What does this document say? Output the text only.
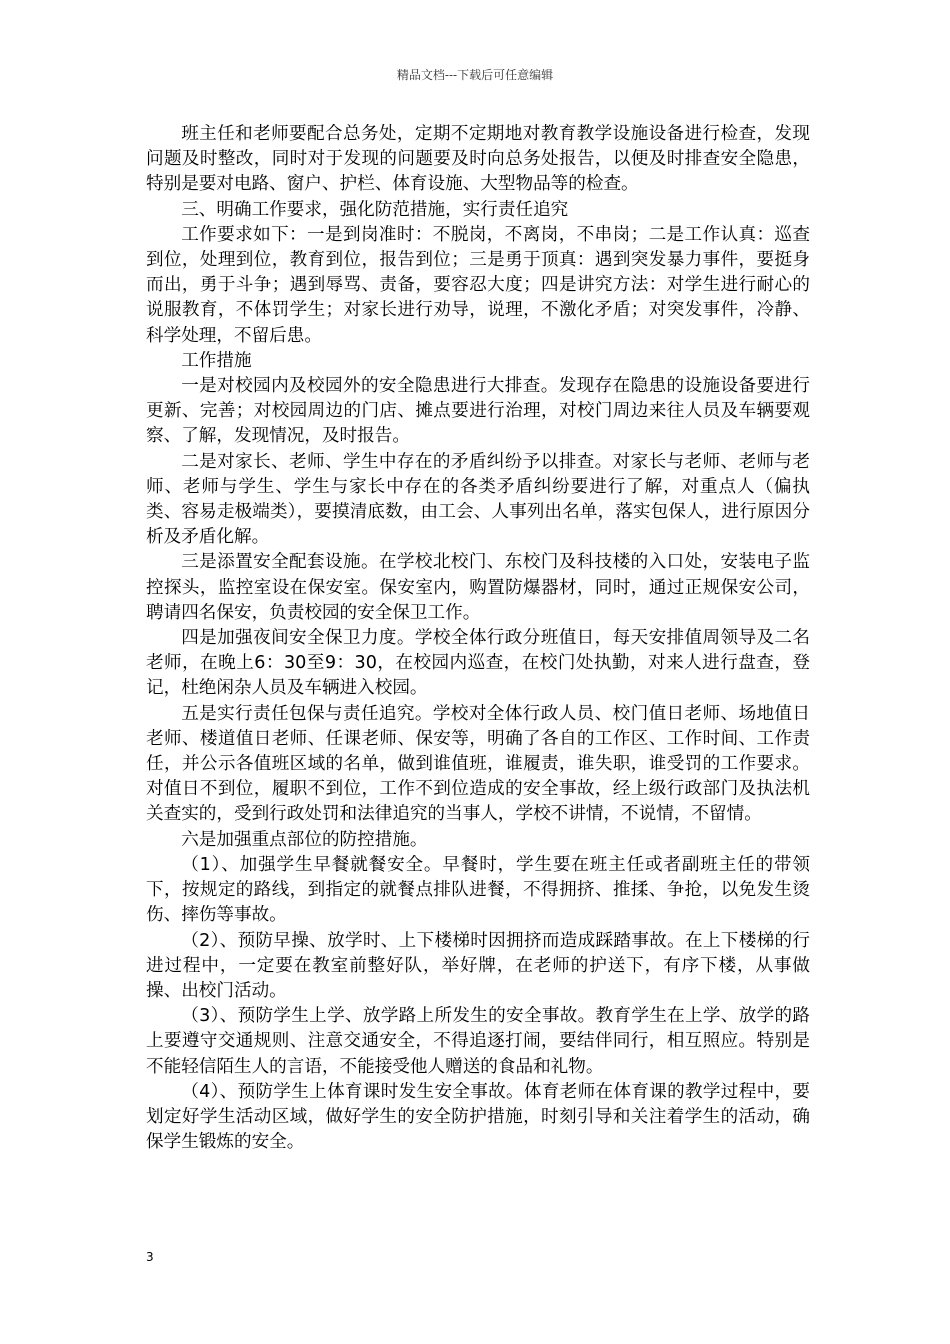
精品文档---下载后可任意编辑

班主任和老师要配合总务处，定期不定期地对教育教学设施设备进行检查，发现问题及时整改，同时对于发现的问题要及时向总务处报告，以便及时排查安全隐患，特别是要对电路、窗户、护栏、体育设施、大型物品等的检查。

三、明确工作要求，强化防范措施，实行责任追究

工作要求如下：一是到岗准时：不脱岗，不离岗，不串岗；二是工作认真：巡查到位，处理到位，教育到位，报告到位；三是勇于顶真：遇到突发暴力事件，要挺身而出，勇于斗争；遇到辱骂、责备，要容忍大度；四是讲究方法：对学生进行耐心的说服教育，不体罚学生；对家长进行劝导，说理，不激化矛盾；对突发事件，冷静、科学处理，不留后患。

工作措施

一是对校园内及校园外的安全隐患进行大排查。发现存在隐患的设施设备要进行更新、完善；对校园周边的门店、摊点要进行治理，对校门周边来往人员及车辆要观察、了解，发现情况，及时报告。

二是对家长、老师、学生中存在的矛盾纠纷予以排查。对家长与老师、老师与老师、老师与学生、学生与家长中存在的各类矛盾纠纷要进行了解，对重点人（偏执类、容易走极端类），要摸清底数，由工会、人事列出名单，落实包保人，进行原因分析及矛盾化解。

三是添置安全配套设施。在学校北校门、东校门及科技楼的入口处，安装电子监控探头，监控室设在保安室。保安室内，购置防爆器材，同时，通过正规保安公司，聘请四名保安，负责校园的安全保卫工作。

四是加强夜间安全保卫力度。学校全体行政分班值日，每天安排值周领导及二名老师，在晚上6：30至9：30，在校园内巡查，在校门处执勤，对来人进行盘查，登记，杜绝闲杂人员及车辆进入校园。

五是实行责任包保与责任追究。学校对全体行政人员、校门值日老师、场地值日老师、楼道值日老师、任课老师、保安等，明确了各自的工作区、工作时间、工作责任，并公示各值班区域的名单，做到谁值班，谁履责，谁失职，谁受罚的工作要求。对值日不到位，履职不到位，工作不到位造成的安全事故，经上级行政部门及执法机关查实的，受到行政处罚和法律追究的当事人，学校不讲情，不说情，不留情。

六是加强重点部位的防控措施。

（1）、加强学生早餐就餐安全。早餐时，学生要在班主任或者副班主任的带领下，按规定的路线，到指定的就餐点排队进餐，不得拥挤、推揉、争抢，以免发生烫伤、摔伤等事故。

（2）、预防早操、放学时、上下楼梯时因拥挤而造成踩踏事故。在上下楼梯的行进过程中，一定要在教室前整好队，举好牌，在老师的护送下，有序下楼，从事做操、出校门活动。

（3）、预防学生上学、放学路上所发生的安全事故。教育学生在上学、放学的路上要遵守交通规则、注意交通安全，不得追逐打闹，要结伴同行，相互照应。特别是不能轻信陌生人的言语，不能接受他人赠送的食品和礼物。

（4）、预防学生上体育课时发生安全事故。体育老师在体育课的教学过程中，要划定好学生活动区域，做好学生的安全防护措施，时刻引导和关注着学生的活动，确保学生锻炼的安全。

3
